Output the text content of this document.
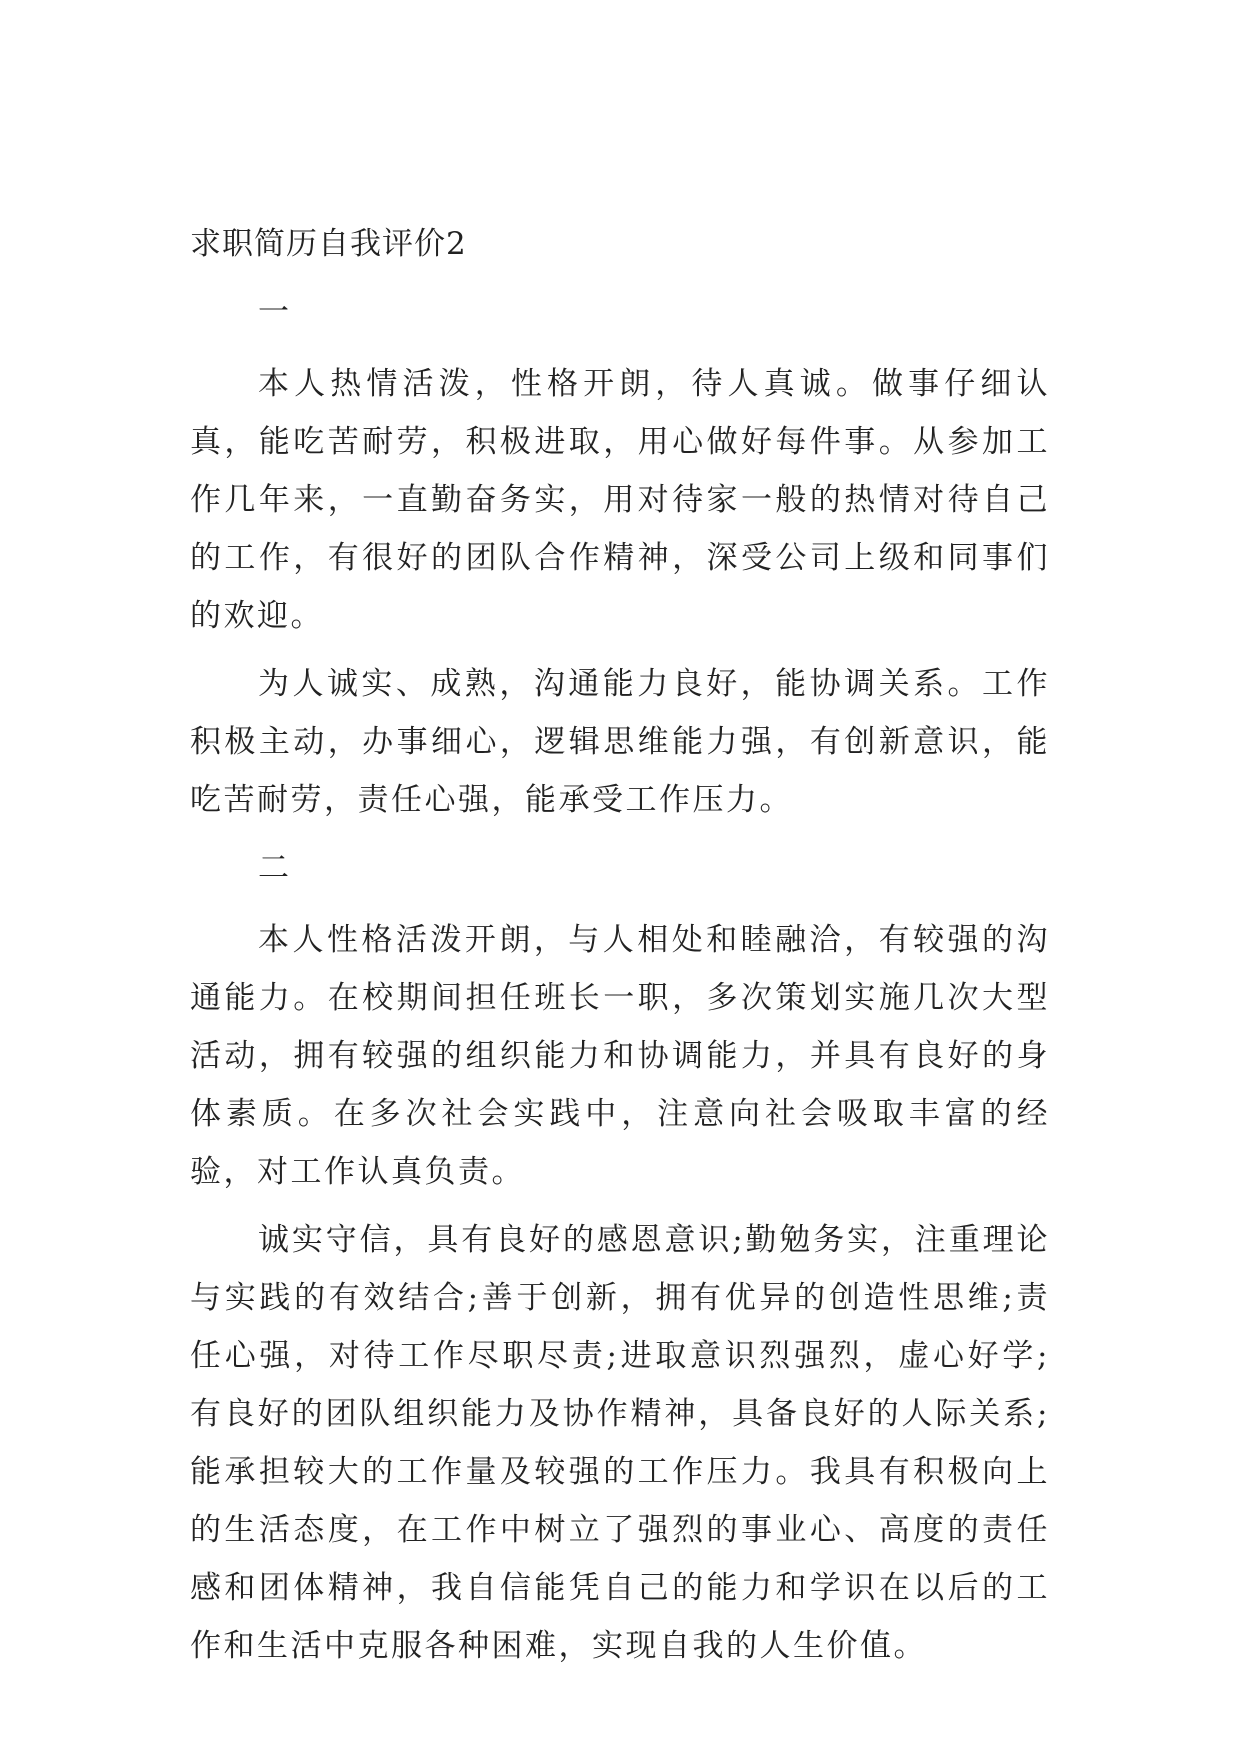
求职简历自我评价2

一

本人热情活泼，性格开朗，待人真诚。做事仔细认真，能吃苦耐劳，积极进取，用心做好每件事。从参加工作几年来，一直勤奋务实，用对待家一般的热情对待自己的工作，有很好的团队合作精神，深受公司上级和同事们的欢迎。

为人诚实、成熟，沟通能力良好，能协调关系。工作积极主动，办事细心，逻辑思维能力强，有创新意识，能吃苦耐劳，责任心强，能承受工作压力。

二

本人性格活泼开朗，与人相处和睦融洽，有较强的沟通能力。在校期间担任班长一职，多次策划实施几次大型活动，拥有较强的组织能力和协调能力，并具有良好的身体素质。在多次社会实践中，注意向社会吸取丰富的经验，对工作认真负责。

诚实守信，具有良好的感恩意识;勤勉务实，注重理论与实践的有效结合;善于创新，拥有优异的创造性思维;责任心强，对待工作尽职尽责;进取意识烈强烈，虚心好学;有良好的团队组织能力及协作精神，具备良好的人际关系;能承担较大的工作量及较强的工作压力。我具有积极向上的生活态度，在工作中树立了强烈的事业心、高度的责任感和团体精神，我自信能凭自己的能力和学识在以后的工作和生活中克服各种困难，实现自我的人生价值。
